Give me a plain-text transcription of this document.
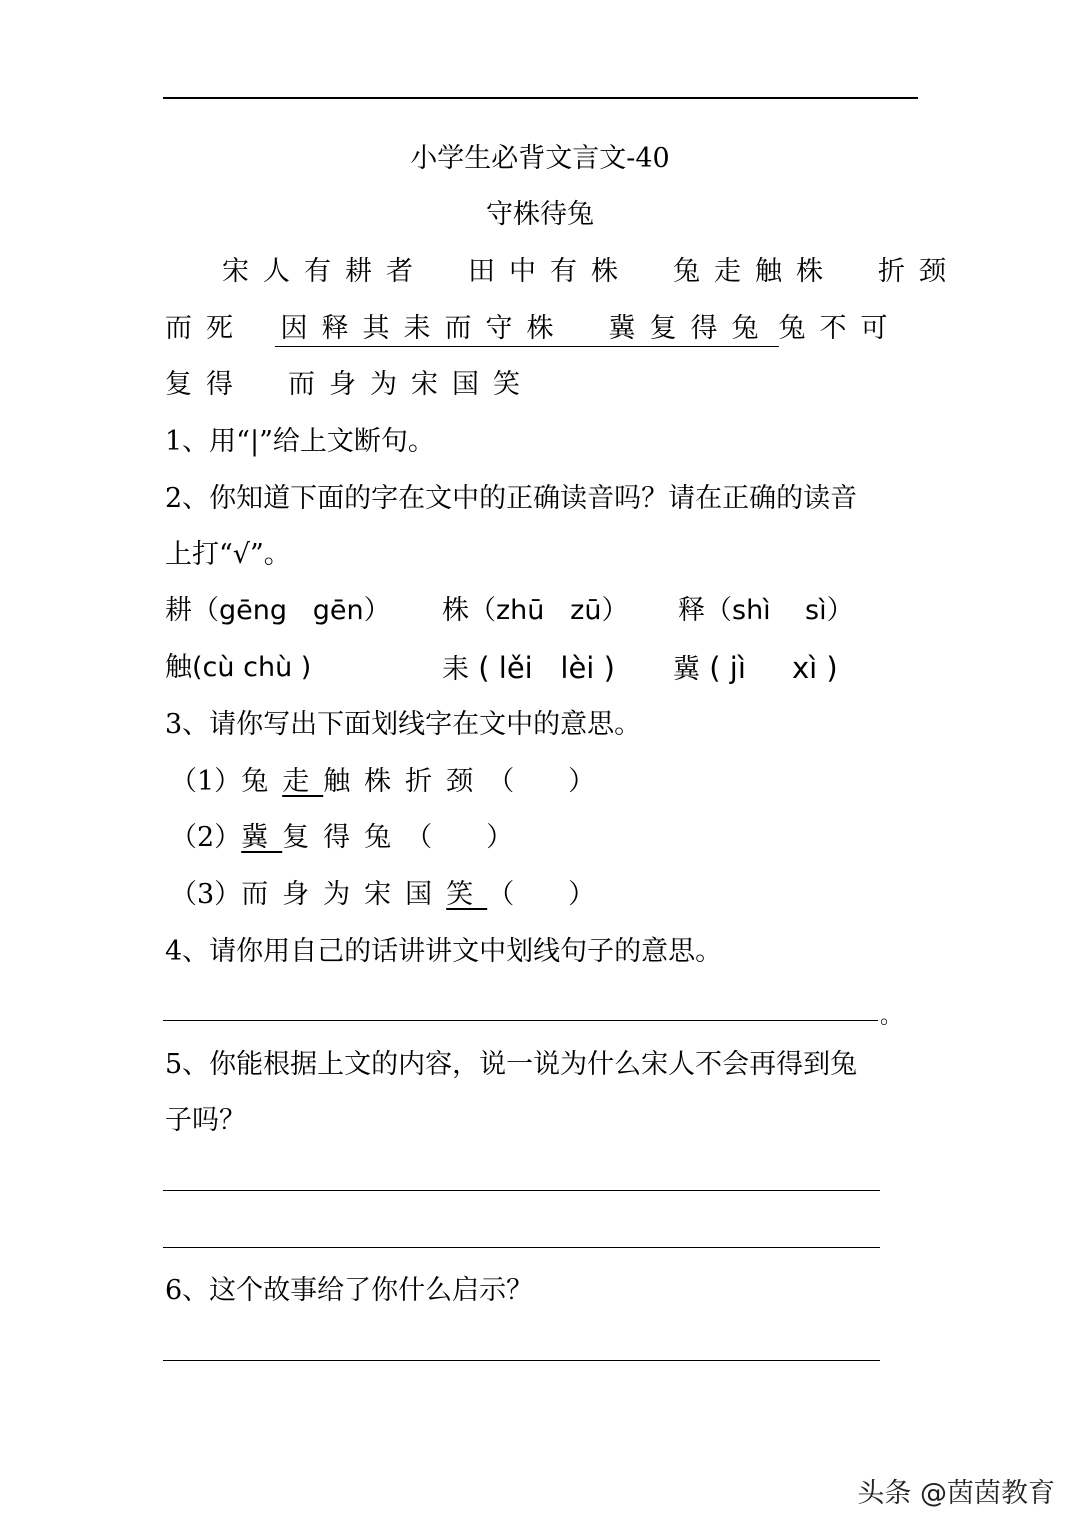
小学生必背文言文-40
守株待兔
宋人有耕者  田中有株  兔走触株  折颈
而死  因释其耒而守株  冀复得兔 兔不可
复得  而身为宋国笑
1、用“|”给上文断句。
2、你知道下面的字在文中的正确读音吗？请在正确的读音
上打“√”。
耕（gēng gēn） 株（zhū zū） 释（shì sì）
触(cù chù )	耒 ( lěi lèi ) 冀 ( jì xì )
3、请你写出下面划线字在文中的意思。
（1）兔走触株折颈（　　）
（2）冀复得兔（　　）
（3）而身为宋国笑（　　）
4、请你用自己的话讲讲文中划线句子的意思。
。
5、你能根据上文的内容，说一说为什么宋人不会再得到兔
子吗？
6、这个故事给了你什么启示？
头条 @茵茵教育
